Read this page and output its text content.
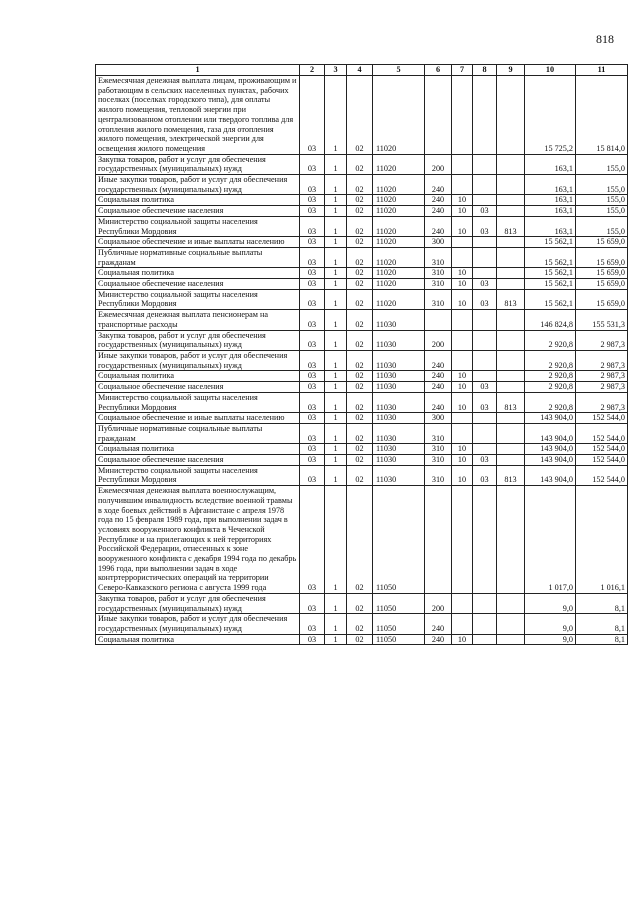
818
1	2	3	4	5	6	7	8	9	10	11
Ежемесячная денежная выплата лицам, проживающим и работающим в сельских населенных пунктах, рабочих поселках (поселках городского типа), для оплаты жилого помещения, тепловой энергии при централизованном отоплении или твердого топлива для отопления жилого помещения, газа для отопления жилого помещения, электрической энергии для освещения жилого помещения	03	1	02	11020					15 725,2	15 814,0
Закупка товаров, работ и услуг для обеспечения государственных (муниципальных) нужд	03	1	02	11020	200				163,1	155,0
Иные закупки товаров, работ и услуг для обеспечения государственных (муниципальных) нужд	03	1	02	11020	240				163,1	155,0
Социальная политика	03	1	02	11020	240	10			163,1	155,0
Социальное обеспечение населения	03	1	02	11020	240	10	03		163,1	155,0
Министерство социальной защиты населения Республики Мордовия	03	1	02	11020	240	10	03	813	163,1	155,0
Социальное обеспечение и иные выплаты населению	03	1	02	11020	300				15 562,1	15 659,0
Публичные нормативные социальные выплаты гражданам	03	1	02	11020	310				15 562,1	15 659,0
Социальная политика	03	1	02	11020	310	10			15 562,1	15 659,0
Социальное обеспечение населения	03	1	02	11020	310	10	03		15 562,1	15 659,0
Министерство социальной защиты населения Республики Мордовия	03	1	02	11020	310	10	03	813	15 562,1	15 659,0
Ежемесячная денежная выплата пенсионерам на транспортные расходы	03	1	02	11030					146 824,8	155 531,3
Закупка товаров, работ и услуг для обеспечения государственных (муниципальных) нужд	03	1	02	11030	200				2 920,8	2 987,3
Иные закупки товаров, работ и услуг для обеспечения государственных (муниципальных) нужд	03	1	02	11030	240				2 920,8	2 987,3
Социальная политика	03	1	02	11030	240	10			2 920,8	2 987,3
Социальное обеспечение населения	03	1	02	11030	240	10	03		2 920,8	2 987,3
Министерство социальной защиты населения Республики Мордовия	03	1	02	11030	240	10	03	813	2 920,8	2 987,3
Социальное обеспечение и иные выплаты населению	03	1	02	11030	300				143 904,0	152 544,0
Публичные нормативные социальные выплаты гражданам	03	1	02	11030	310				143 904,0	152 544,0
Социальная политика	03	1	02	11030	310	10			143 904,0	152 544,0
Социальное обеспечение населения	03	1	02	11030	310	10	03		143 904,0	152 544,0
Министерство социальной защиты населения Республики Мордовия	03	1	02	11030	310	10	03	813	143 904,0	152 544,0
Ежемесячная денежная выплата военнослужащим, получившим инвалидность вследствие военной травмы в ходе боевых действий в Афганистане с апреля 1978 года по 15 февраля 1989 года, при выполнении задач в условиях вооруженного конфликта в Чеченской Республике и на прилегающих к ней территориях Российской Федерации, отнесенных к зоне вооруженного конфликта с декабря 1994 года по декабрь 1996 года, при выполнении задач в ходе контртеррористических операций на территории Северо-Кавказского региона с августа 1999 года	03	1	02	11050					1 017,0	1 016,1
Закупка товаров, работ и услуг для обеспечения государственных (муниципальных) нужд	03	1	02	11050	200				9,0	8,1
Иные закупки товаров, работ и услуг для обеспечения государственных (муниципальных) нужд	03	1	02	11050	240				9,0	8,1
Социальная политика	03	1	02	11050	240	10			9,0	8,1
